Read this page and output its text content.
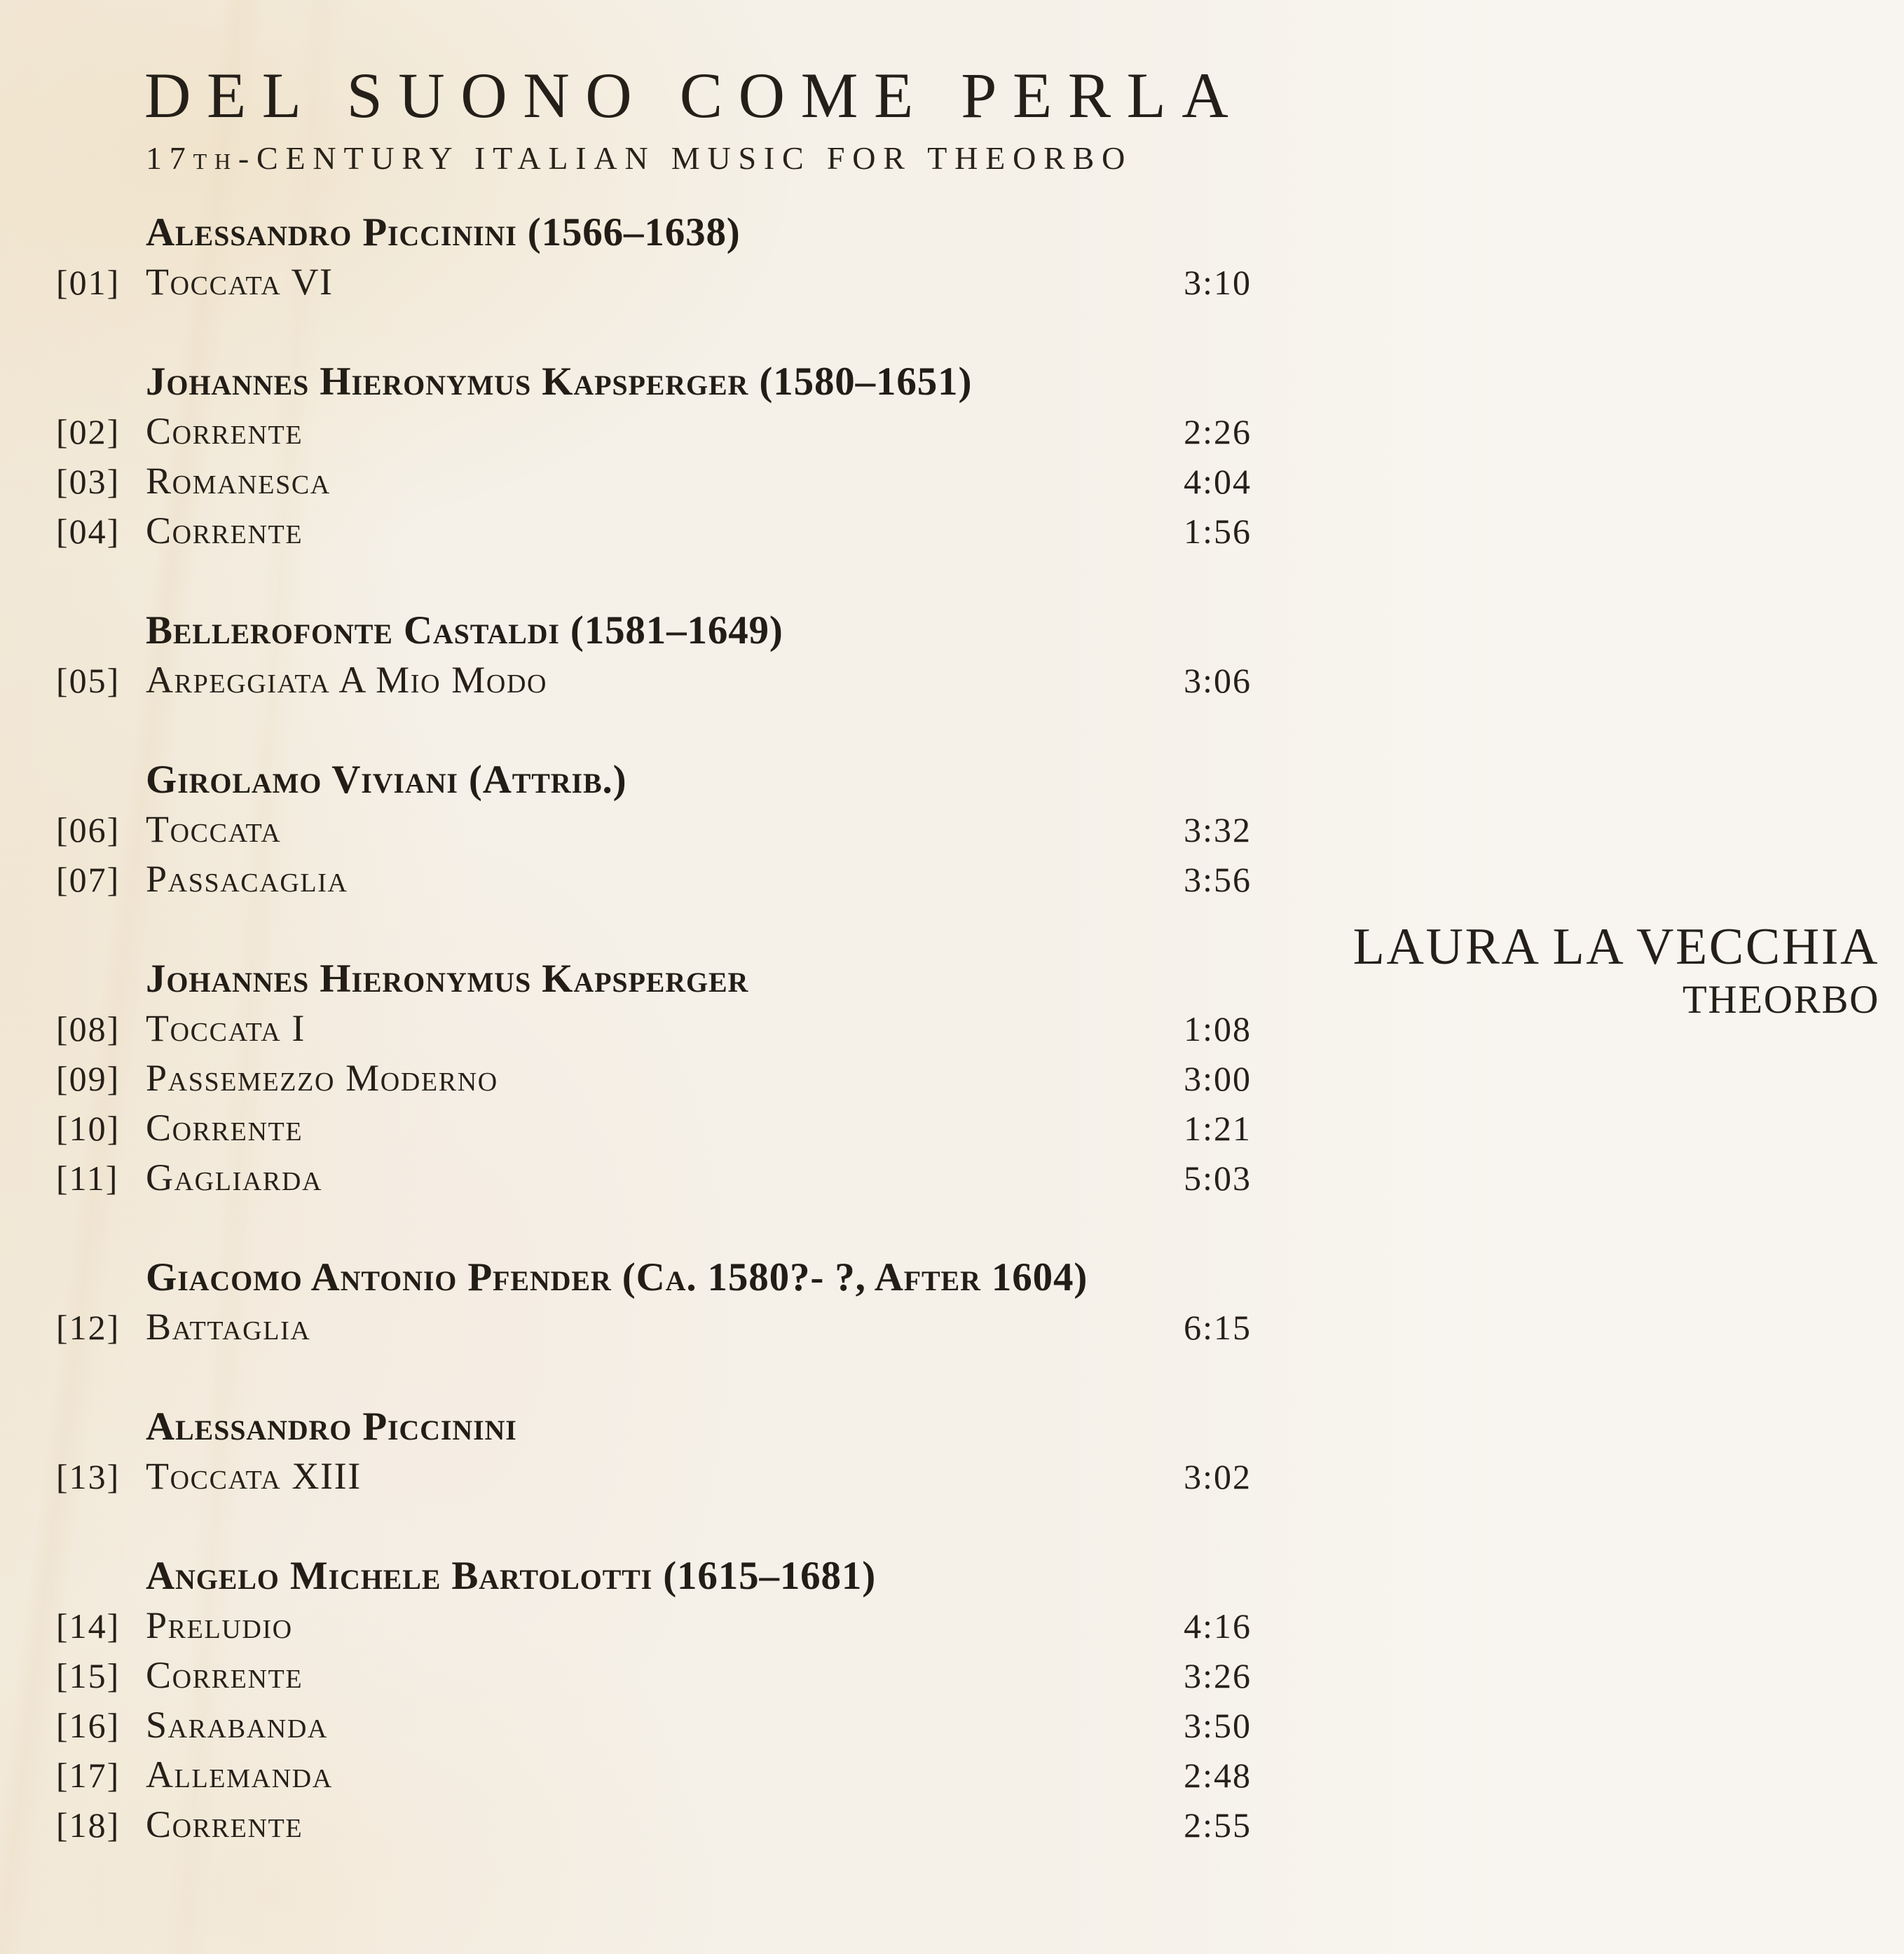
DEL SUONO COME PERLA
17th-CENTURY ITALIAN MUSIC FOR THEORBO
Alessandro Piccinini (1566–1638)
[01] Toccata VI	3:10
Johannes Hieronymus Kapsperger (1580–1651)
[02] Corrente	2:26
[03] Romanesca	4:04
[04] Corrente	1:56
Bellerofonte Castaldi (1581–1649)
[05] Arpeggiata A Mio Modo	3:06
Girolamo Viviani (Attrib.)
[06] Toccata	3:32
[07] Passacaglia	3:56
Johannes Hieronymus Kapsperger
[08] Toccata I	1:08
[09] Passemezzo Moderno	3:00
[10] Corrente	1:21
[11] Gagliarda	5:03
Giacomo Antonio Pfender (Ca. 1580?- ?, After 1604)
[12] Battaglia	6:15
Alessandro Piccinini
[13] Toccata XIII	3:02
Angelo Michele Bartolotti (1615–1681)
[14] Preludio	4:16
[15] Corrente	3:26
[16] Sarabanda	3:50
[17] Allemanda	2:48
[18] Corrente	2:55
LAURA LA VECCHIA
THEORBO
